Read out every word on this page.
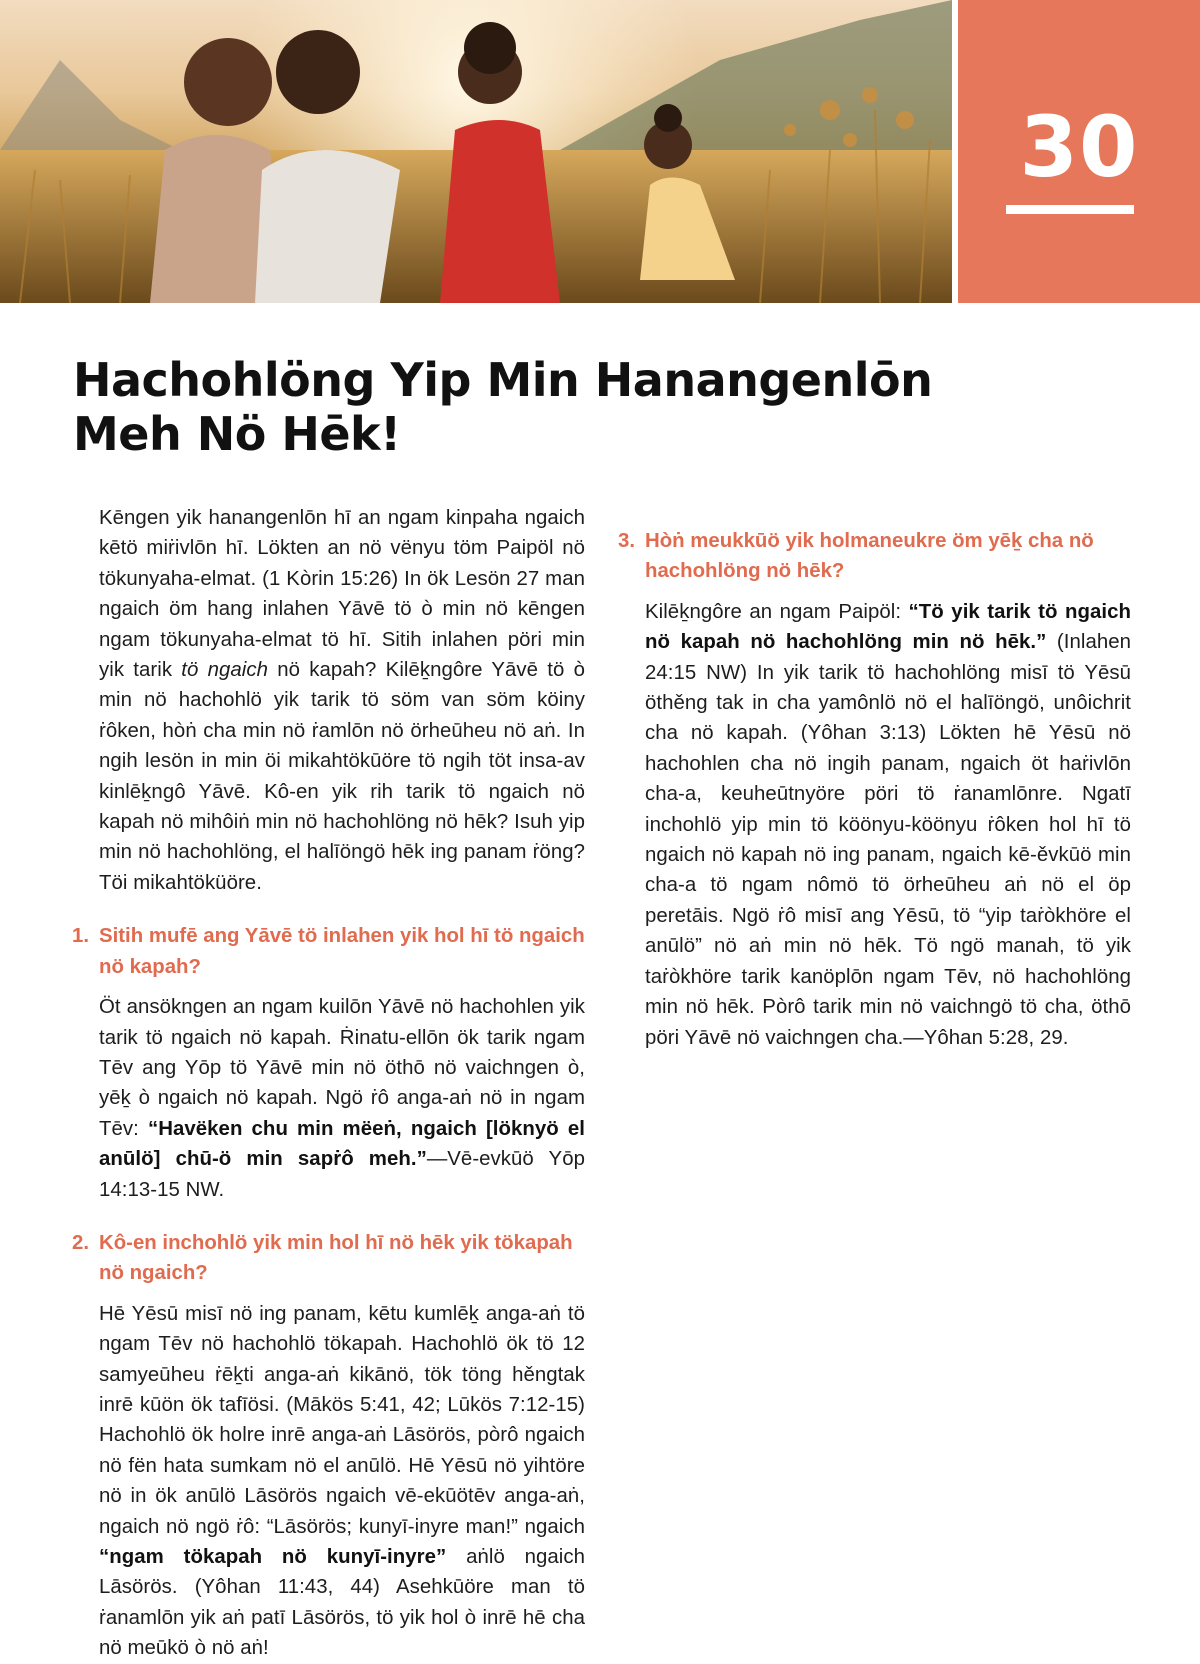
30
Hachohlöng Yip Min Hanangenlōn
Meh Nö Hēk!

Kēngen yik hanangenlōn hī an ngam kinpaha ngaich kētö miṙivlōn hī. Lökten an nö vënyu töm Paipöl nö tökunyaha-elmat. (1 Kòrin 15:26) In ök Lesön 27 man ngaich öm hang inlahen Yāvē tö ò min nö kēngen ngam tökunyaha-elmat tö hī. Sitih inlahen pöri min yik tarik tö ngaich nö kapah? Kilēḵngôre Yāvē tö ò min nö hachohlö yik tarik tö söm van söm köiny ṙôken, hòṅ cha min nö ṙamlōn nö örheūheu nö aṅ. In ngih lesön in min öi mikahtökūöre tö ngih töt insa-av kinlēḵngô Yāvē. Kô-en yik rih tarik tö ngaich nö kapah nö mihôiṅ min nö hachohlöng nö hēk? Isuh yip min nö hachohlöng, el halīöngö hēk ing panam ṙöng? Töi mikahtöküöre.

1. Sitih mufē ang Yāvē tö inlahen yik hol hī tö ngaich nö kapah?

Öt ansökngen an ngam kuilōn Yāvē nö hachohlen yik tarik tö ngaich nö kapah. Ṙinatu-ellōn ök tarik ngam Tēv ang Yōp tö Yāvē min nö öthō nö vaichngen ò, yēḵ ò ngaich nö kapah. Ngö ṙô anga-aṅ nö in ngam Tēv: “Havëken chu min mëeṅ, ngaich [löknyö el anūlö] chū-ö min sapṙô meh.”—Vē-evkūö Yōp 14:13-15 NW.

2. Kô-en inchohlö yik min hol hī nö hēk yik tökapah nö ngaich?

Hē Yēsū misī nö ing panam, kētu kumlēḵ anga-aṅ tö ngam Tēv nö hachohlö tökapah. Hachohlö ök tö 12 samyeūheu ṙēḵti anga-aṅ kikānö, tök töng hěngtak inrē kūön ök tafīösi. (Mākös 5:41, 42; Lūkös 7:12-15) Hachohlö ök holre inrē anga-aṅ Lāsörös, pòrô ngaich nö fën hata sumkam nö el anūlö. Hē Yēsū nö yihtöre nö in ök anūlö Lāsörös ngaich vē-ekūötēv anga-aṅ, ngaich nö ngö ṙô: “Lāsörös; kunyī-inyre man!” ngaich “ngam tökapah nö kunyī-inyre” aṅlö ngaich Lāsörös. (Yôhan 11:43, 44) Asehkūöre man tö ṙanamlōn yik aṅ patī Lāsörös, tö yik hol ò inrē hē cha nö meūkö ò nö aṅ!

3. Hòṅ meukkūö yik holmaneukre öm yēḵ cha nö hachohlöng nö hēk?

Kilēḵngôre an ngam Paipöl: “Tö yik tarik tö ngaich nö kapah nö hachohlöng min nö hēk.” (Inlahen 24:15 NW) In yik tarik tö hachohlöng misī tö Yēsū öthěng tak in cha yamônlö nö el halīöngö, unôichrit cha nö kapah. (Yôhan 3:13) Lökten hē Yēsū nö hachohlen cha nö ingih panam, ngaich öt haṙivlōn cha-a, keuheūtnyöre pöri tö ṙanamlōnre. Ngatī inchohlö yip min tö köönyu-köönyu ṙôken hol hī tö ngaich nö kapah nö ing panam, ngaich kē-ěvkūö min cha-a tö ngam nômö tö örheūheu aṅ nö el öp peretāis. Ngö ṙô misī ang Yēsū, tö “yip taṙòkhöre el anūlö” nö aṅ min nö hēk. Tö ngö manah, tö yik taṙòkhöre tarik kanöplōn ngam Tēv, nö hachohlöng min nö hēk. Pòrô tarik min nö vaichngö tö cha, öthō pöri Yāvē nö vaichngen cha.—Yôhan 5:28, 29.
